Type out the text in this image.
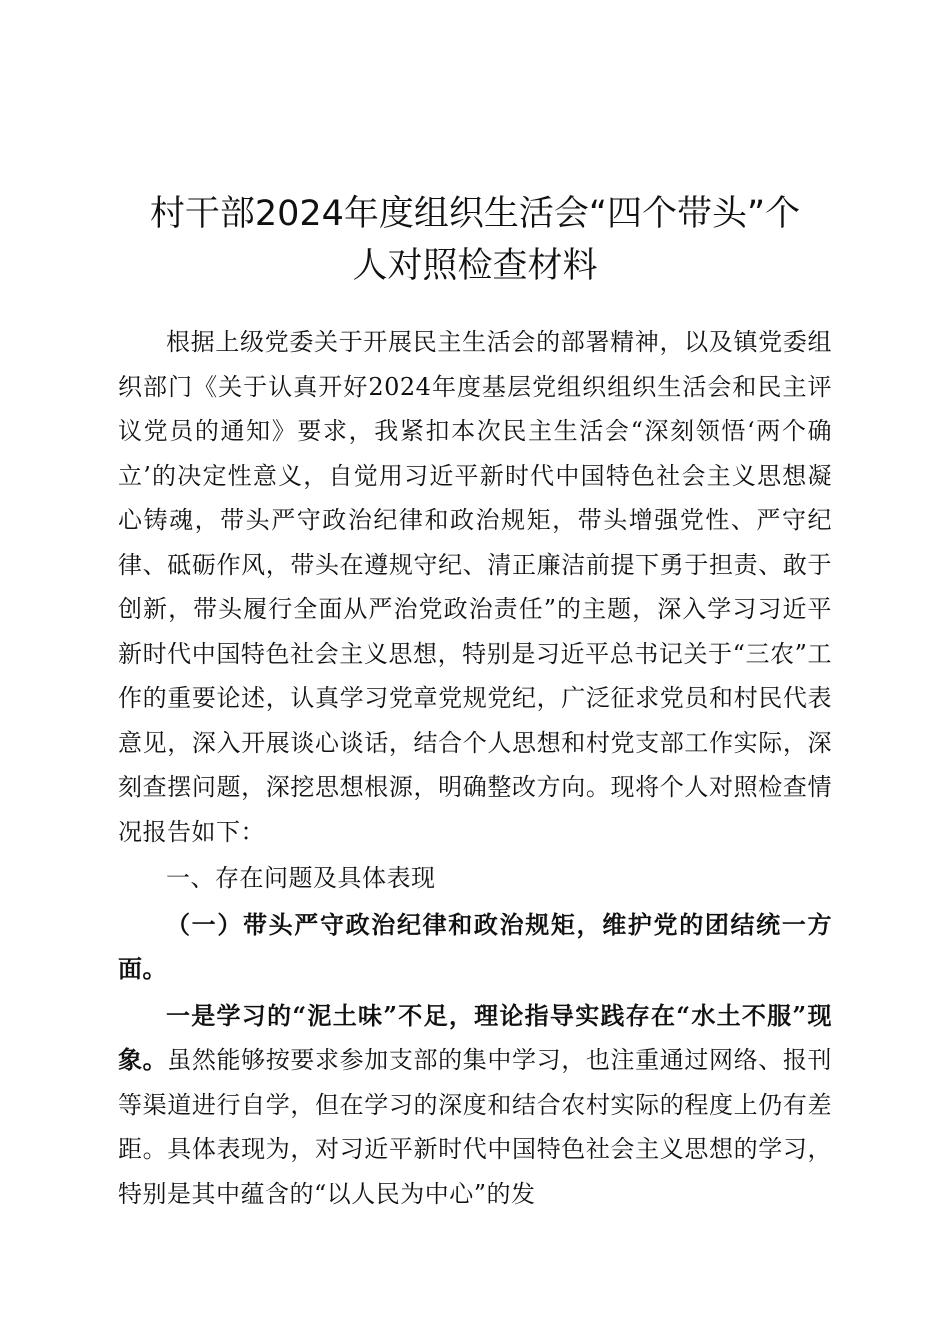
村干部2024年度组织生活会“四个带头”个
人对照检查材料

根据上级党委关于开展民主生活会的部署精神，以及镇党委组织部门《关于认真开好2024年度基层党组织组织生活会和民主评议党员的通知》要求，我紧扣本次民主生活会“深刻领悟‘两个确立’的决定性意义，自觉用习近平新时代中国特色社会主义思想凝心铸魂，带头严守政治纪律和政治规矩，带头增强党性、严守纪律、砥砺作风，带头在遵规守纪、清正廉洁前提下勇于担责、敢于创新，带头履行全面从严治党政治责任”的主题，深入学习习近平新时代中国特色社会主义思想，特别是习近平总书记关于“三农”工作的重要论述，认真学习党章党规党纪，广泛征求党员和村民代表意见，深入开展谈心谈话，结合个人思想和村党支部工作实际，深刻查摆问题，深挖思想根源，明确整改方向。现将个人对照检查情况报告如下：

一、存在问题及具体表现

（一）带头严守政治纪律和政治规矩，维护党的团结统一方面。

一是学习的“泥土味”不足，理论指导实践存在“水土不服”现象。虽然能够按要求参加支部的集中学习，也注重通过网络、报刊等渠道进行自学，但在学习的深度和结合农村实际的程度上仍有差距。具体表现为，对习近平新时代中国特色社会主义思想的学习，特别是其中蕴含的“以人民为中心”的发
